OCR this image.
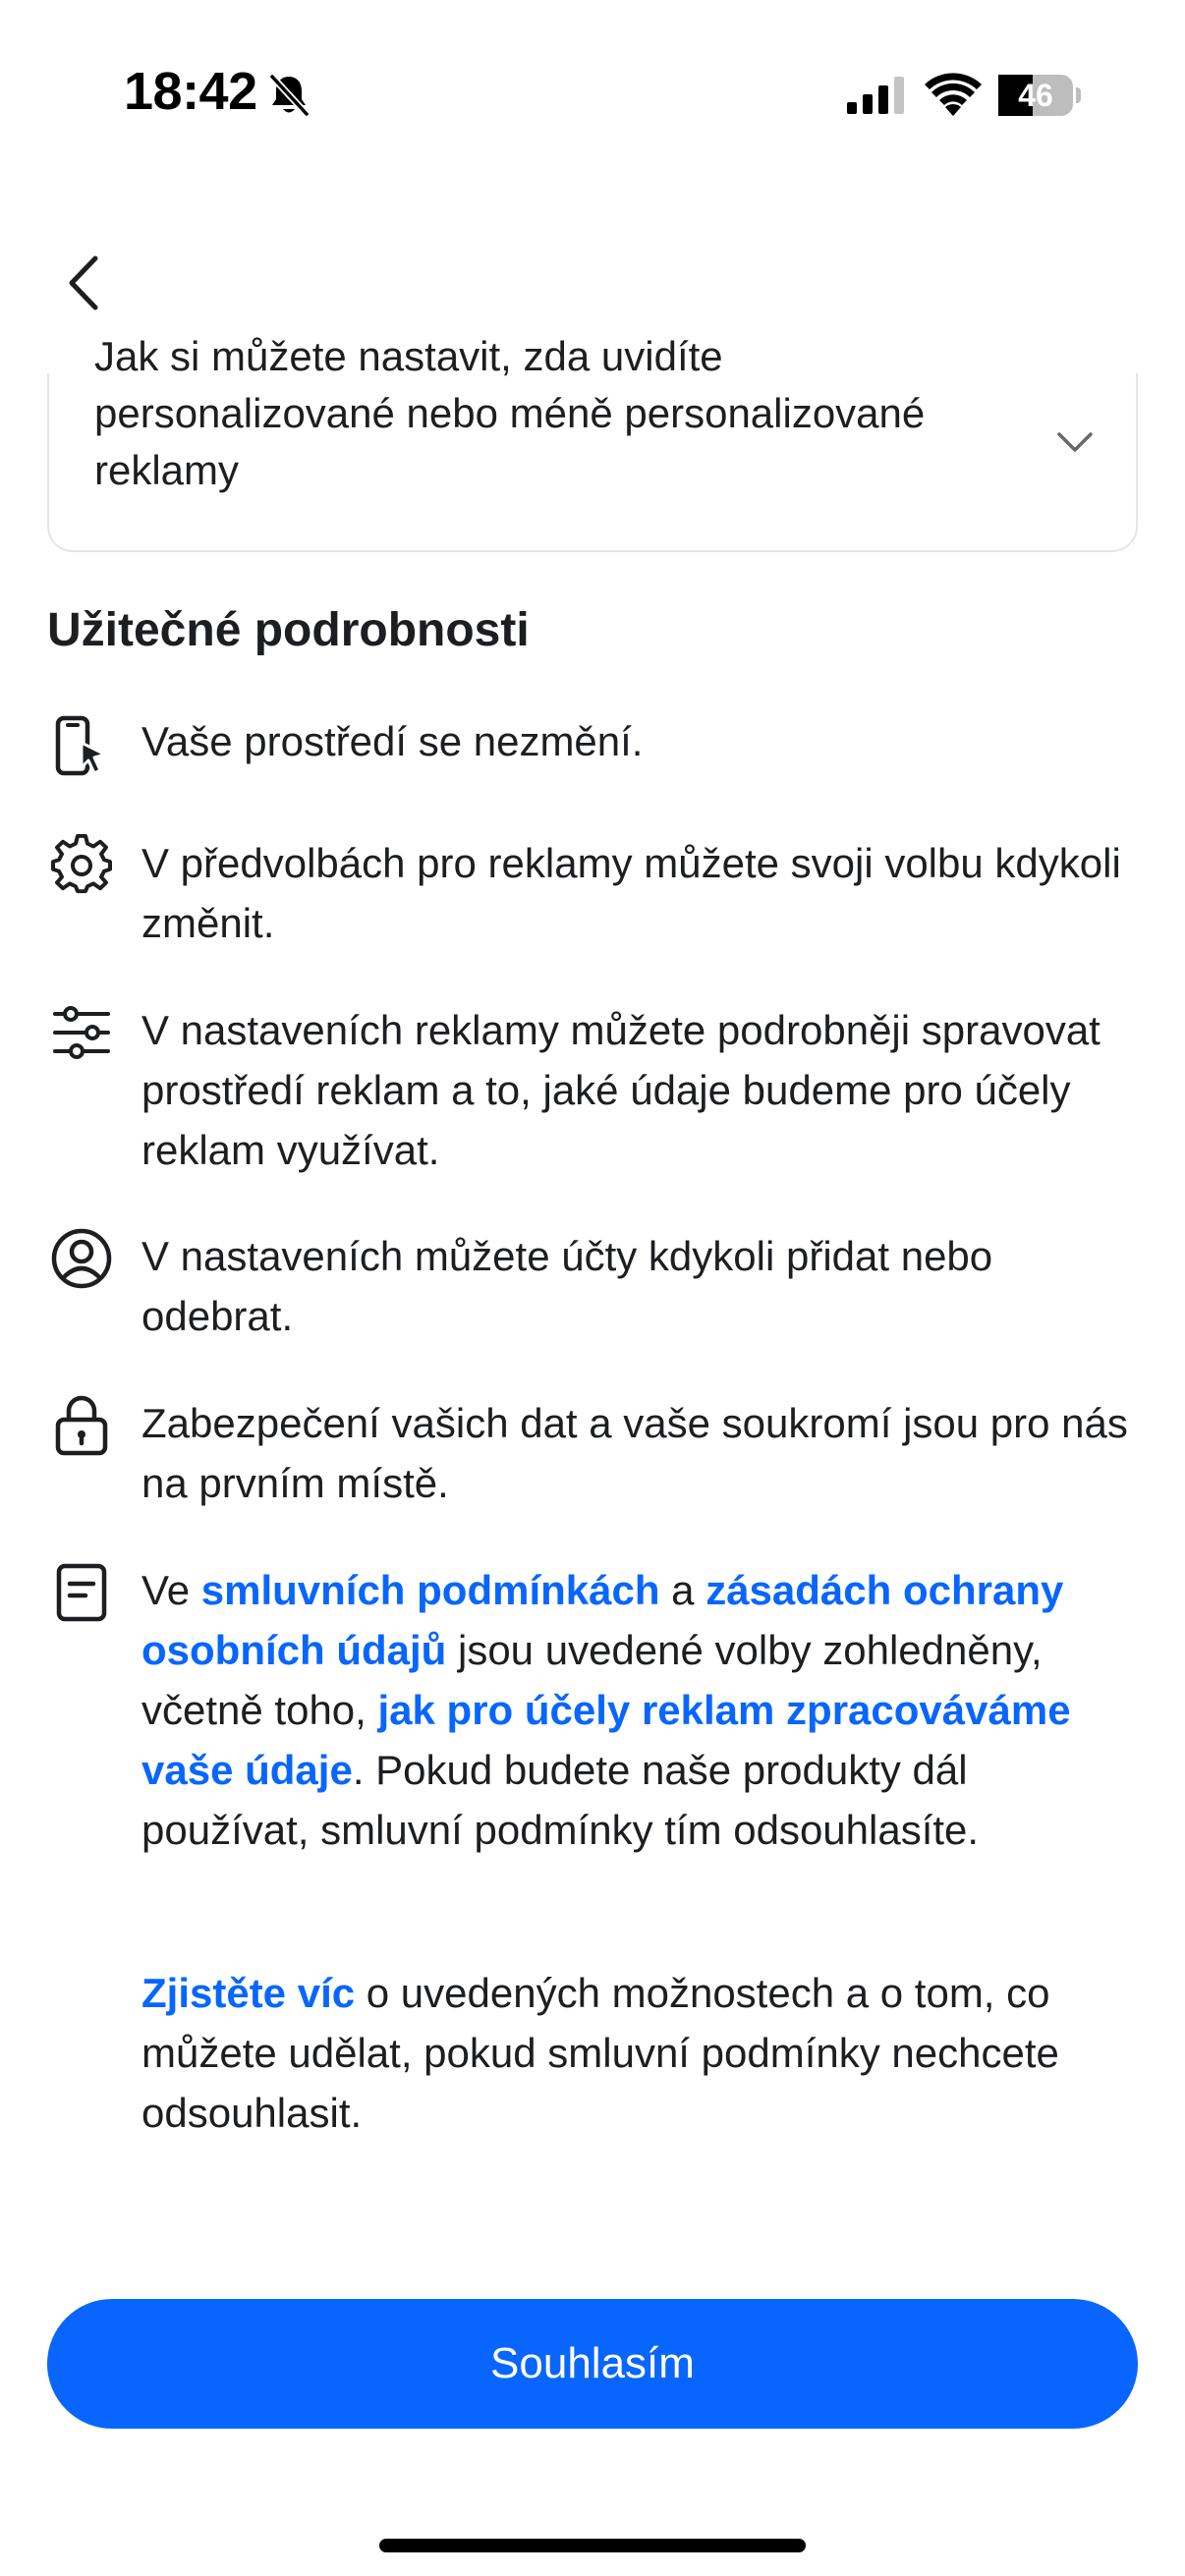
18:42	46
Jak si můžete nastavit, zda uvidíte personalizované nebo méně personalizované reklamy
Užitečné podrobnosti
Vaše prostředí se nezmění.
V předvolbách pro reklamy můžete svoji volbu kdykoli změnit.
V nastaveních reklamy můžete podrobněji spravovat prostředí reklam a to, jaké údaje budeme pro účely reklam využívat.
V nastaveních můžete účty kdykoli přidat nebo odebrat.
Zabezpečení vašich dat a vaše soukromí jsou pro nás na prvním místě.
Ve smluvních podmínkách a zásadách ochrany osobních údajů jsou uvedené volby zohledněny, včetně toho, jak pro účely reklam zpracováváme vaše údaje. Pokud budete naše produkty dál používat, smluvní podmínky tím odsouhlasíte.
Zjistěte víc o uvedených možnostech a o tom, co můžete udělat, pokud smluvní podmínky nechcete odsouhlasit.
Souhlasím
